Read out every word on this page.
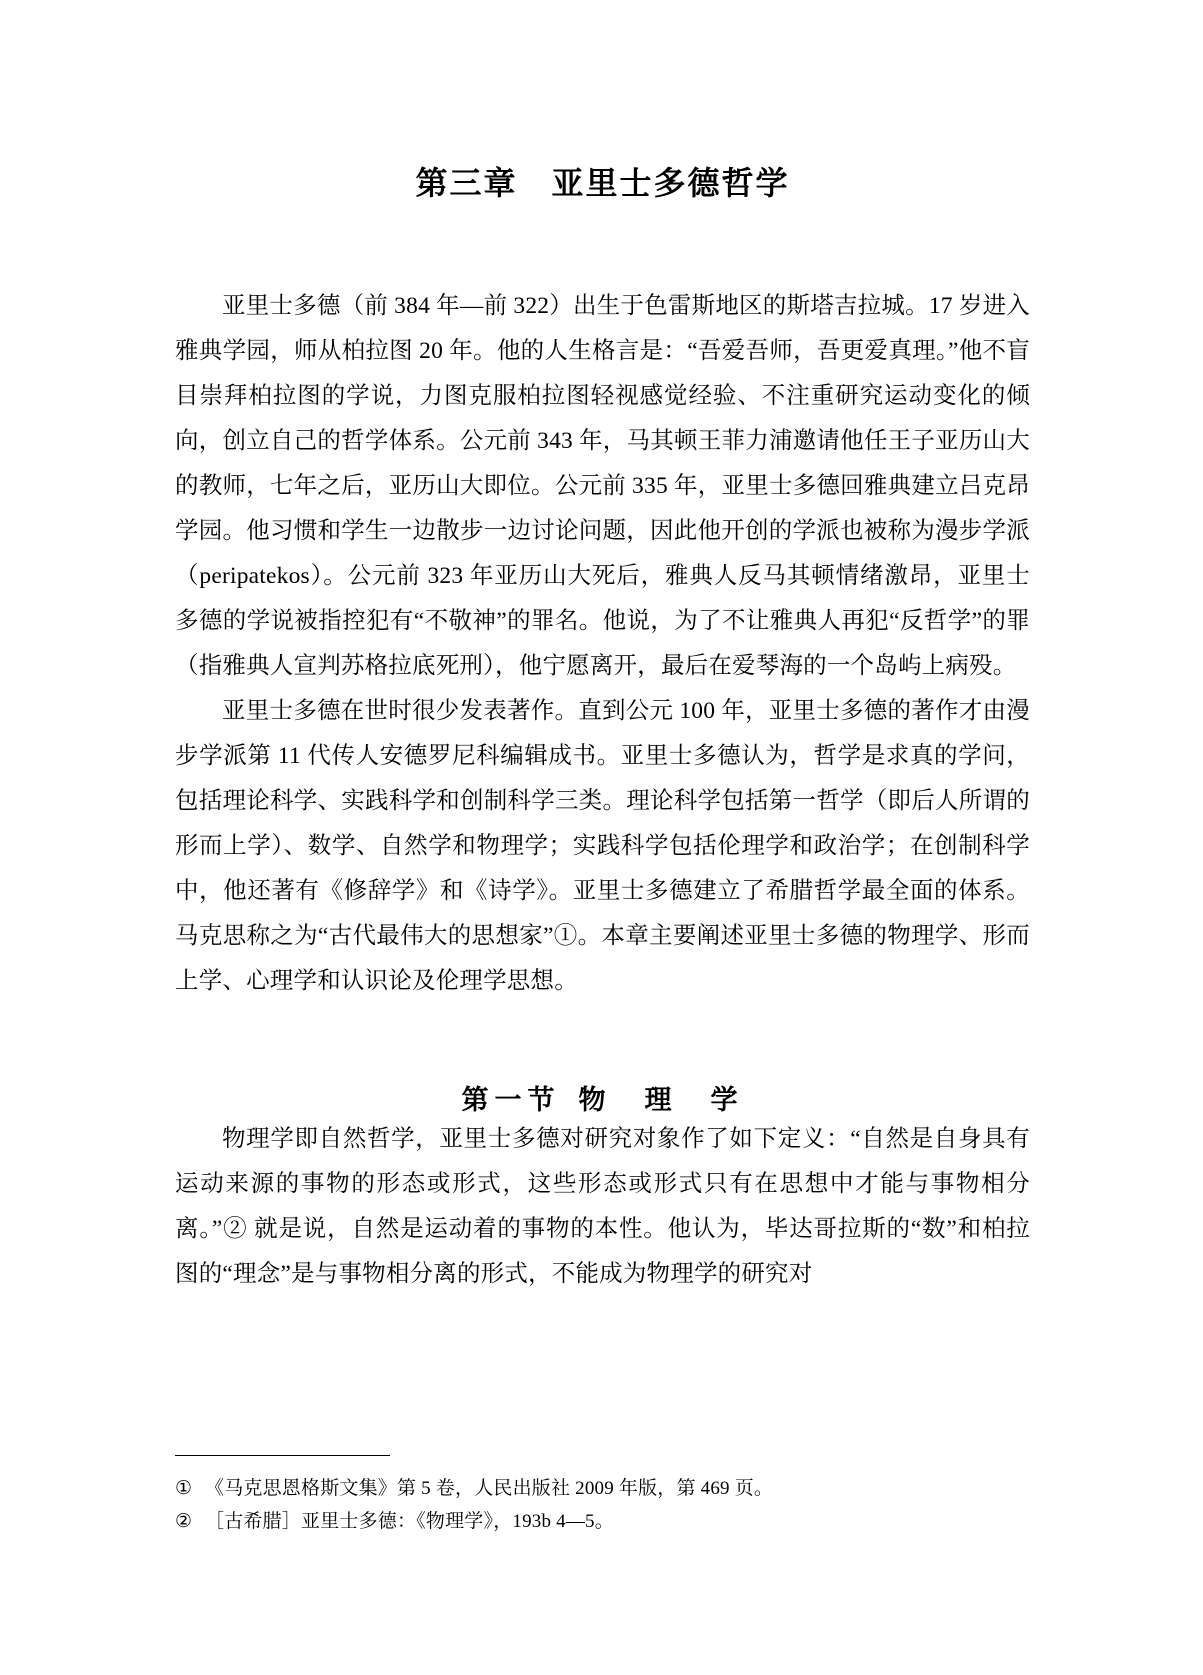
第三章 亚里士多德哲学

亚里士多德（前 384 年—前 322）出生于色雷斯地区的斯塔吉拉城。17 岁进入雅典学园，师从柏拉图 20 年。他的人生格言是：“吾爱吾师，吾更爱真理。”他不盲目崇拜柏拉图的学说，力图克服柏拉图轻视感觉经验、不注重研究运动变化的倾向，创立自己的哲学体系。公元前 343 年，马其顿王菲力浦邀请他任王子亚历山大的教师，七年之后，亚历山大即位。公元前 335 年，亚里士多德回雅典建立吕克昂学园。他习惯和学生一边散步一边讨论问题，因此他开创的学派也被称为漫步学派（peripatekos）。公元前 323 年亚历山大死后，雅典人反马其顿情绪激昂，亚里士多德的学说被指控犯有“不敬神”的罪名。他说，为了不让雅典人再犯“反哲学”的罪（指雅典人宣判苏格拉底死刑），他宁愿离开，最后在爱琴海的一个岛屿上病殁。

亚里士多德在世时很少发表著作。直到公元 100 年，亚里士多德的著作才由漫步学派第 11 代传人安德罗尼科编辑成书。亚里士多德认为，哲学是求真的学问，包括理论科学、实践科学和创制科学三类。理论科学包括第一哲学（即后人所谓的形而上学）、数学、自然学和物理学；实践科学包括伦理学和政治学；在创制科学中，他还著有《修辞学》和《诗学》。亚里士多德建立了希腊哲学最全面的体系。马克思称之为“古代最伟大的思想家”①。本章主要阐述亚里士多德的物理学、形而上学、心理学和认识论及伦理学思想。

第一节 物　理　学

物理学即自然哲学，亚里士多德对研究对象作了如下定义：“自然是自身具有运动来源的事物的形态或形式，这些形态或形式只有在思想中才能与事物相分离。”② 就是说，自然是运动着的事物的本性。他认为，毕达哥拉斯的“数”和柏拉图的“理念”是与事物相分离的形式，不能成为物理学的研究对

① 《马克思恩格斯文集》第 5 卷，人民出版社 2009 年版，第 469 页。

② ［古希腊］亚里士多德：《物理学》，193b 4—5。
